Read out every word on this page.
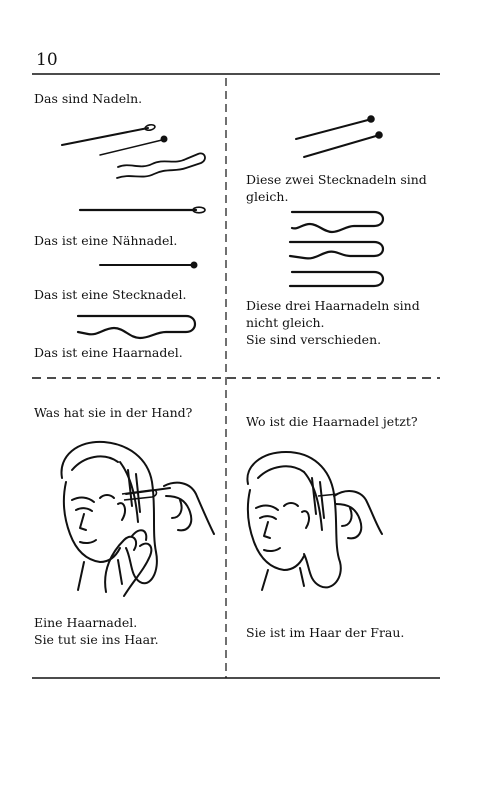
10
Das sind Nadeln.
Das ist eine Nähnadel.
Das ist eine Stecknadel.
Das ist eine Haarnadel.
Diese zwei Stecknadeln sind
gleich.
Diese drei Haarnadeln sind
nicht gleich.
Sie sind verschieden.
Was hat sie in der Hand?
Eine Haarnadel.
Sie tut sie ins Haar.
Wo ist die Haarnadel jetzt?
Sie ist im Haar der Frau.
